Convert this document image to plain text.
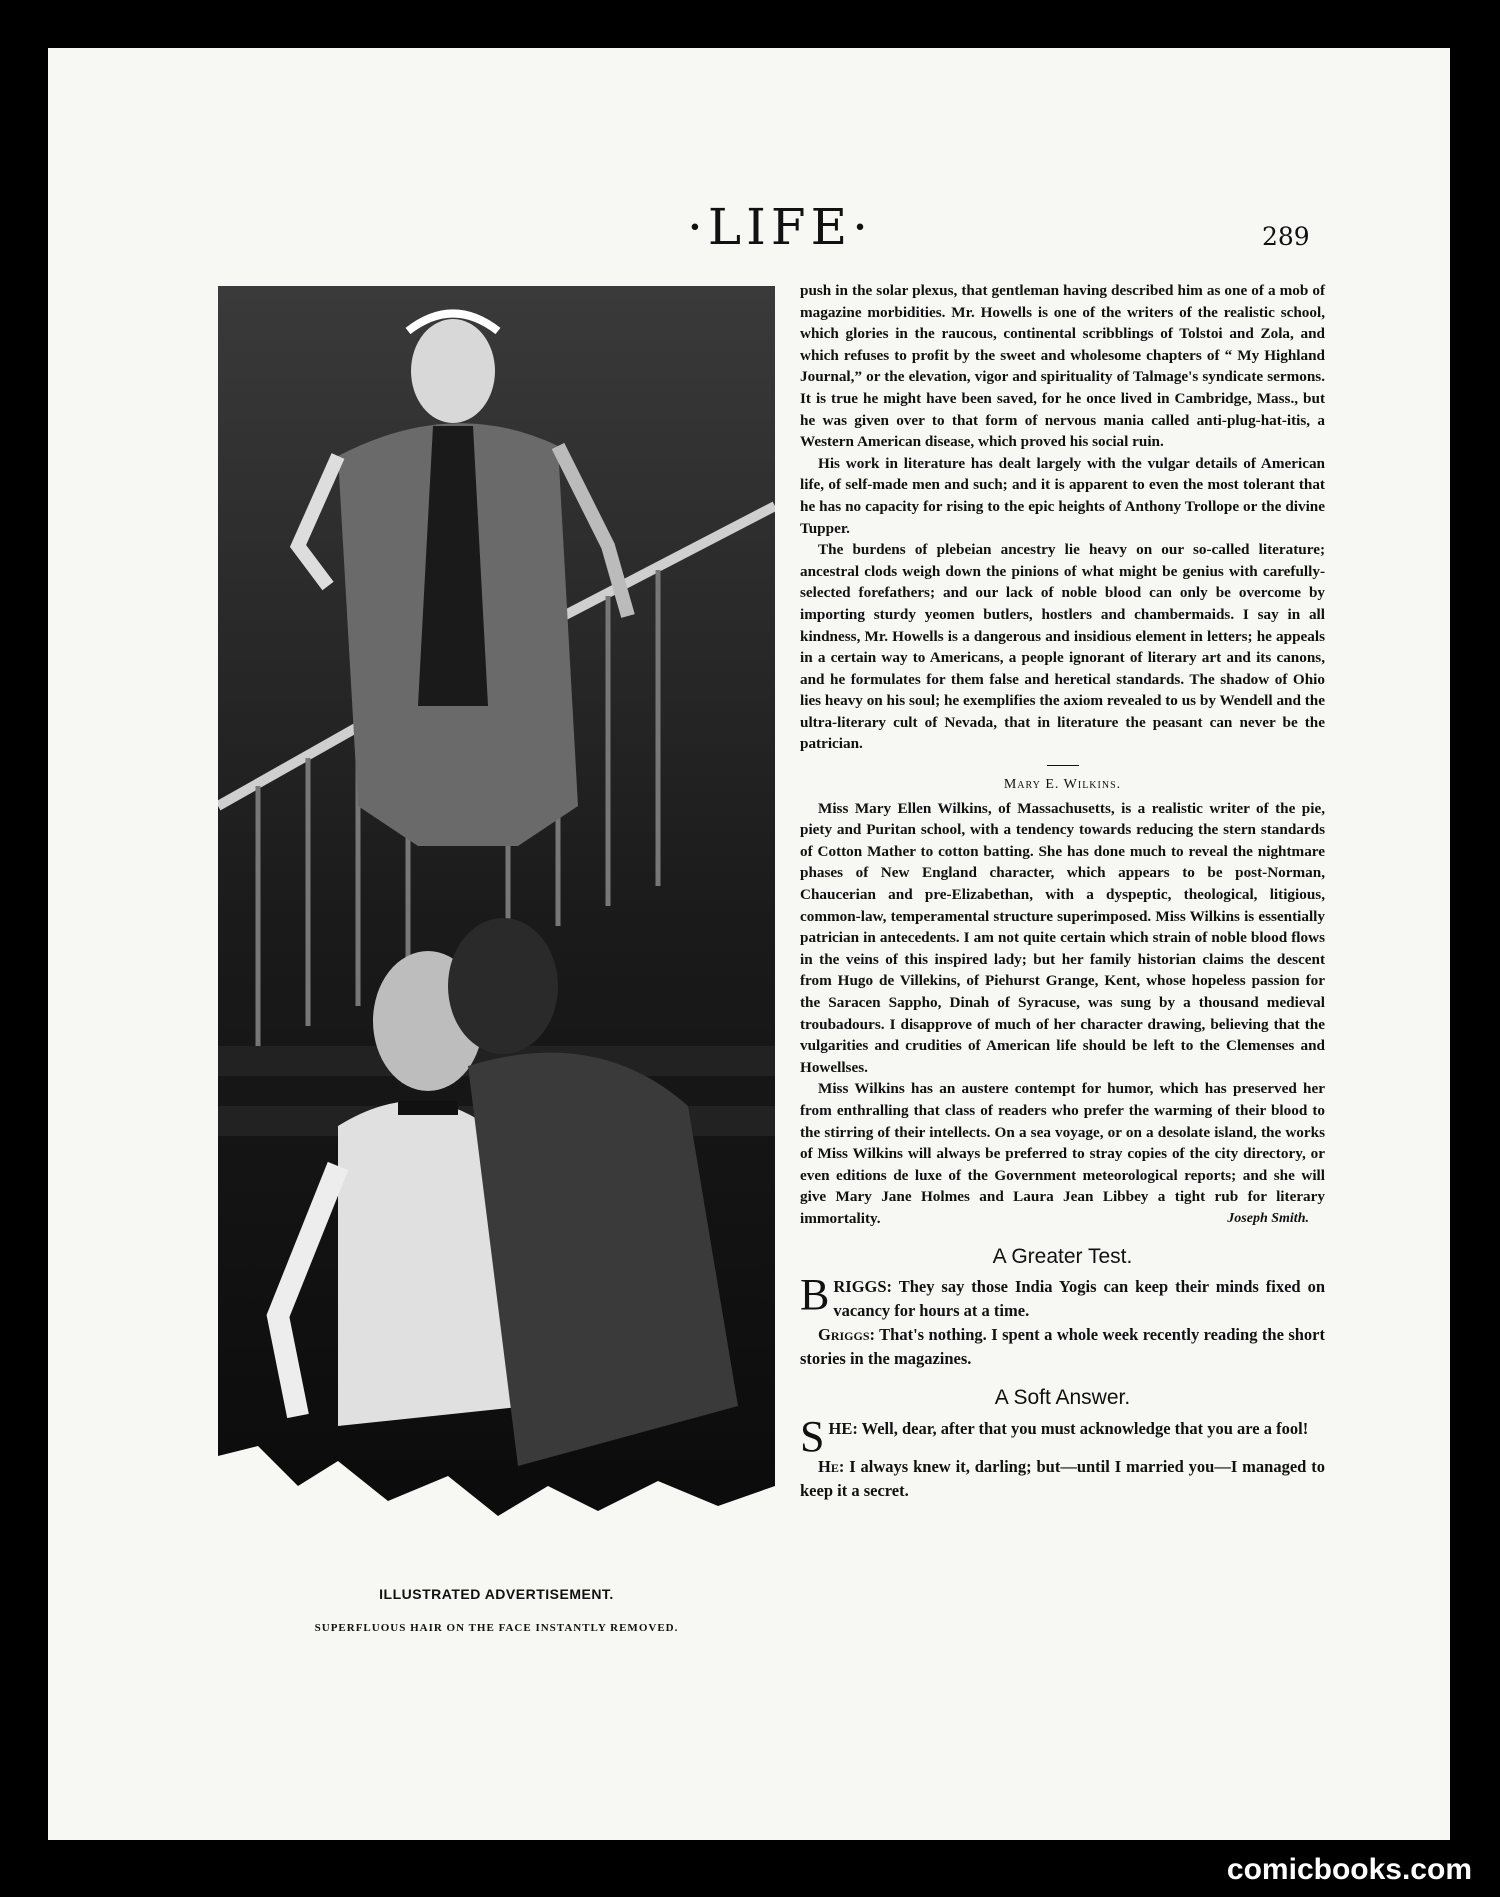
·LIFE·	289
ILLUSTRATED ADVERTISEMENT.
SUPERFLUOUS HAIR ON THE FACE INSTANTLY REMOVED.

push in the solar plexus, that gentleman having described him as one of a mob of magazine morbidities. Mr. Howells is one of the writers of the realistic school, which glories in the raucous, continental scribblings of Tolstoi and Zola, and which refuses to profit by the sweet and wholesome chapters of “ My Highland Journal,” or the elevation, vigor and spirituality of Talmage's syndicate sermons. It is true he might have been saved, for he once lived in Cambridge, Mass., but he was given over to that form of nervous mania called anti-plug-hat-itis, a Western American disease, which proved his social ruin.

His work in literature has dealt largely with the vulgar details of American life, of self-made men and such; and it is apparent to even the most tolerant that he has no capacity for rising to the epic heights of Anthony Trollope or the divine Tupper.

The burdens of plebeian ancestry lie heavy on our so-called literature; ancestral clods weigh down the pinions of what might be genius with carefully-selected forefathers; and our lack of noble blood can only be overcome by importing sturdy yeomen butlers, hostlers and chambermaids. I say in all kindness, Mr. Howells is a dangerous and insidious element in letters; he appeals in a certain way to Americans, a people ignorant of literary art and its canons, and he formulates for them false and heretical standards. The shadow of Ohio lies heavy on his soul; he exemplifies the axiom revealed to us by Wendell and the ultra-literary cult of Nevada, that in literature the peasant can never be the patrician.

Mary E. Wilkins.

Miss Mary Ellen Wilkins, of Massachusetts, is a realistic writer of the pie, piety and Puritan school, with a tendency towards reducing the stern standards of Cotton Mather to cotton batting. She has done much to reveal the nightmare phases of New England character, which appears to be post-Norman, Chaucerian and pre-Elizabethan, with a dyspeptic, theological, litigious, common-law, temperamental structure superimposed. Miss Wilkins is essentially patrician in antecedents. I am not quite certain which strain of noble blood flows in the veins of this inspired lady; but her family historian claims the descent from Hugo de Villekins, of Piehurst Grange, Kent, whose hopeless passion for the Saracen Sappho, Dinah of Syracuse, was sung by a thousand medieval troubadours. I disapprove of much of her character drawing, believing that the vulgarities and crudities of American life should be left to the Clemenses and Howellses.

Miss Wilkins has an austere contempt for humor, which has preserved her from enthralling that class of readers who prefer the warming of their blood to the stirring of their intellects. On a sea voyage, or on a desolate island, the works of Miss Wilkins will always be preferred to stray copies of the city directory, or even editions de luxe of the Government meteorological reports; and she will give Mary Jane Holmes and Laura Jean Libbey a tight rub for literary immortality.	Joseph Smith.

A Greater Test.

BRIGGS: They say those India Yogis can keep their minds fixed on vacancy for hours at a time.

Griggs: That's nothing. I spent a whole week recently reading the short stories in the magazines.

A Soft Answer.

SHE: Well, dear, after that you must acknowledge that you are a fool!

He: I always knew it, darling; but—until I married you—I managed to keep it a secret.

comicbooks.com
